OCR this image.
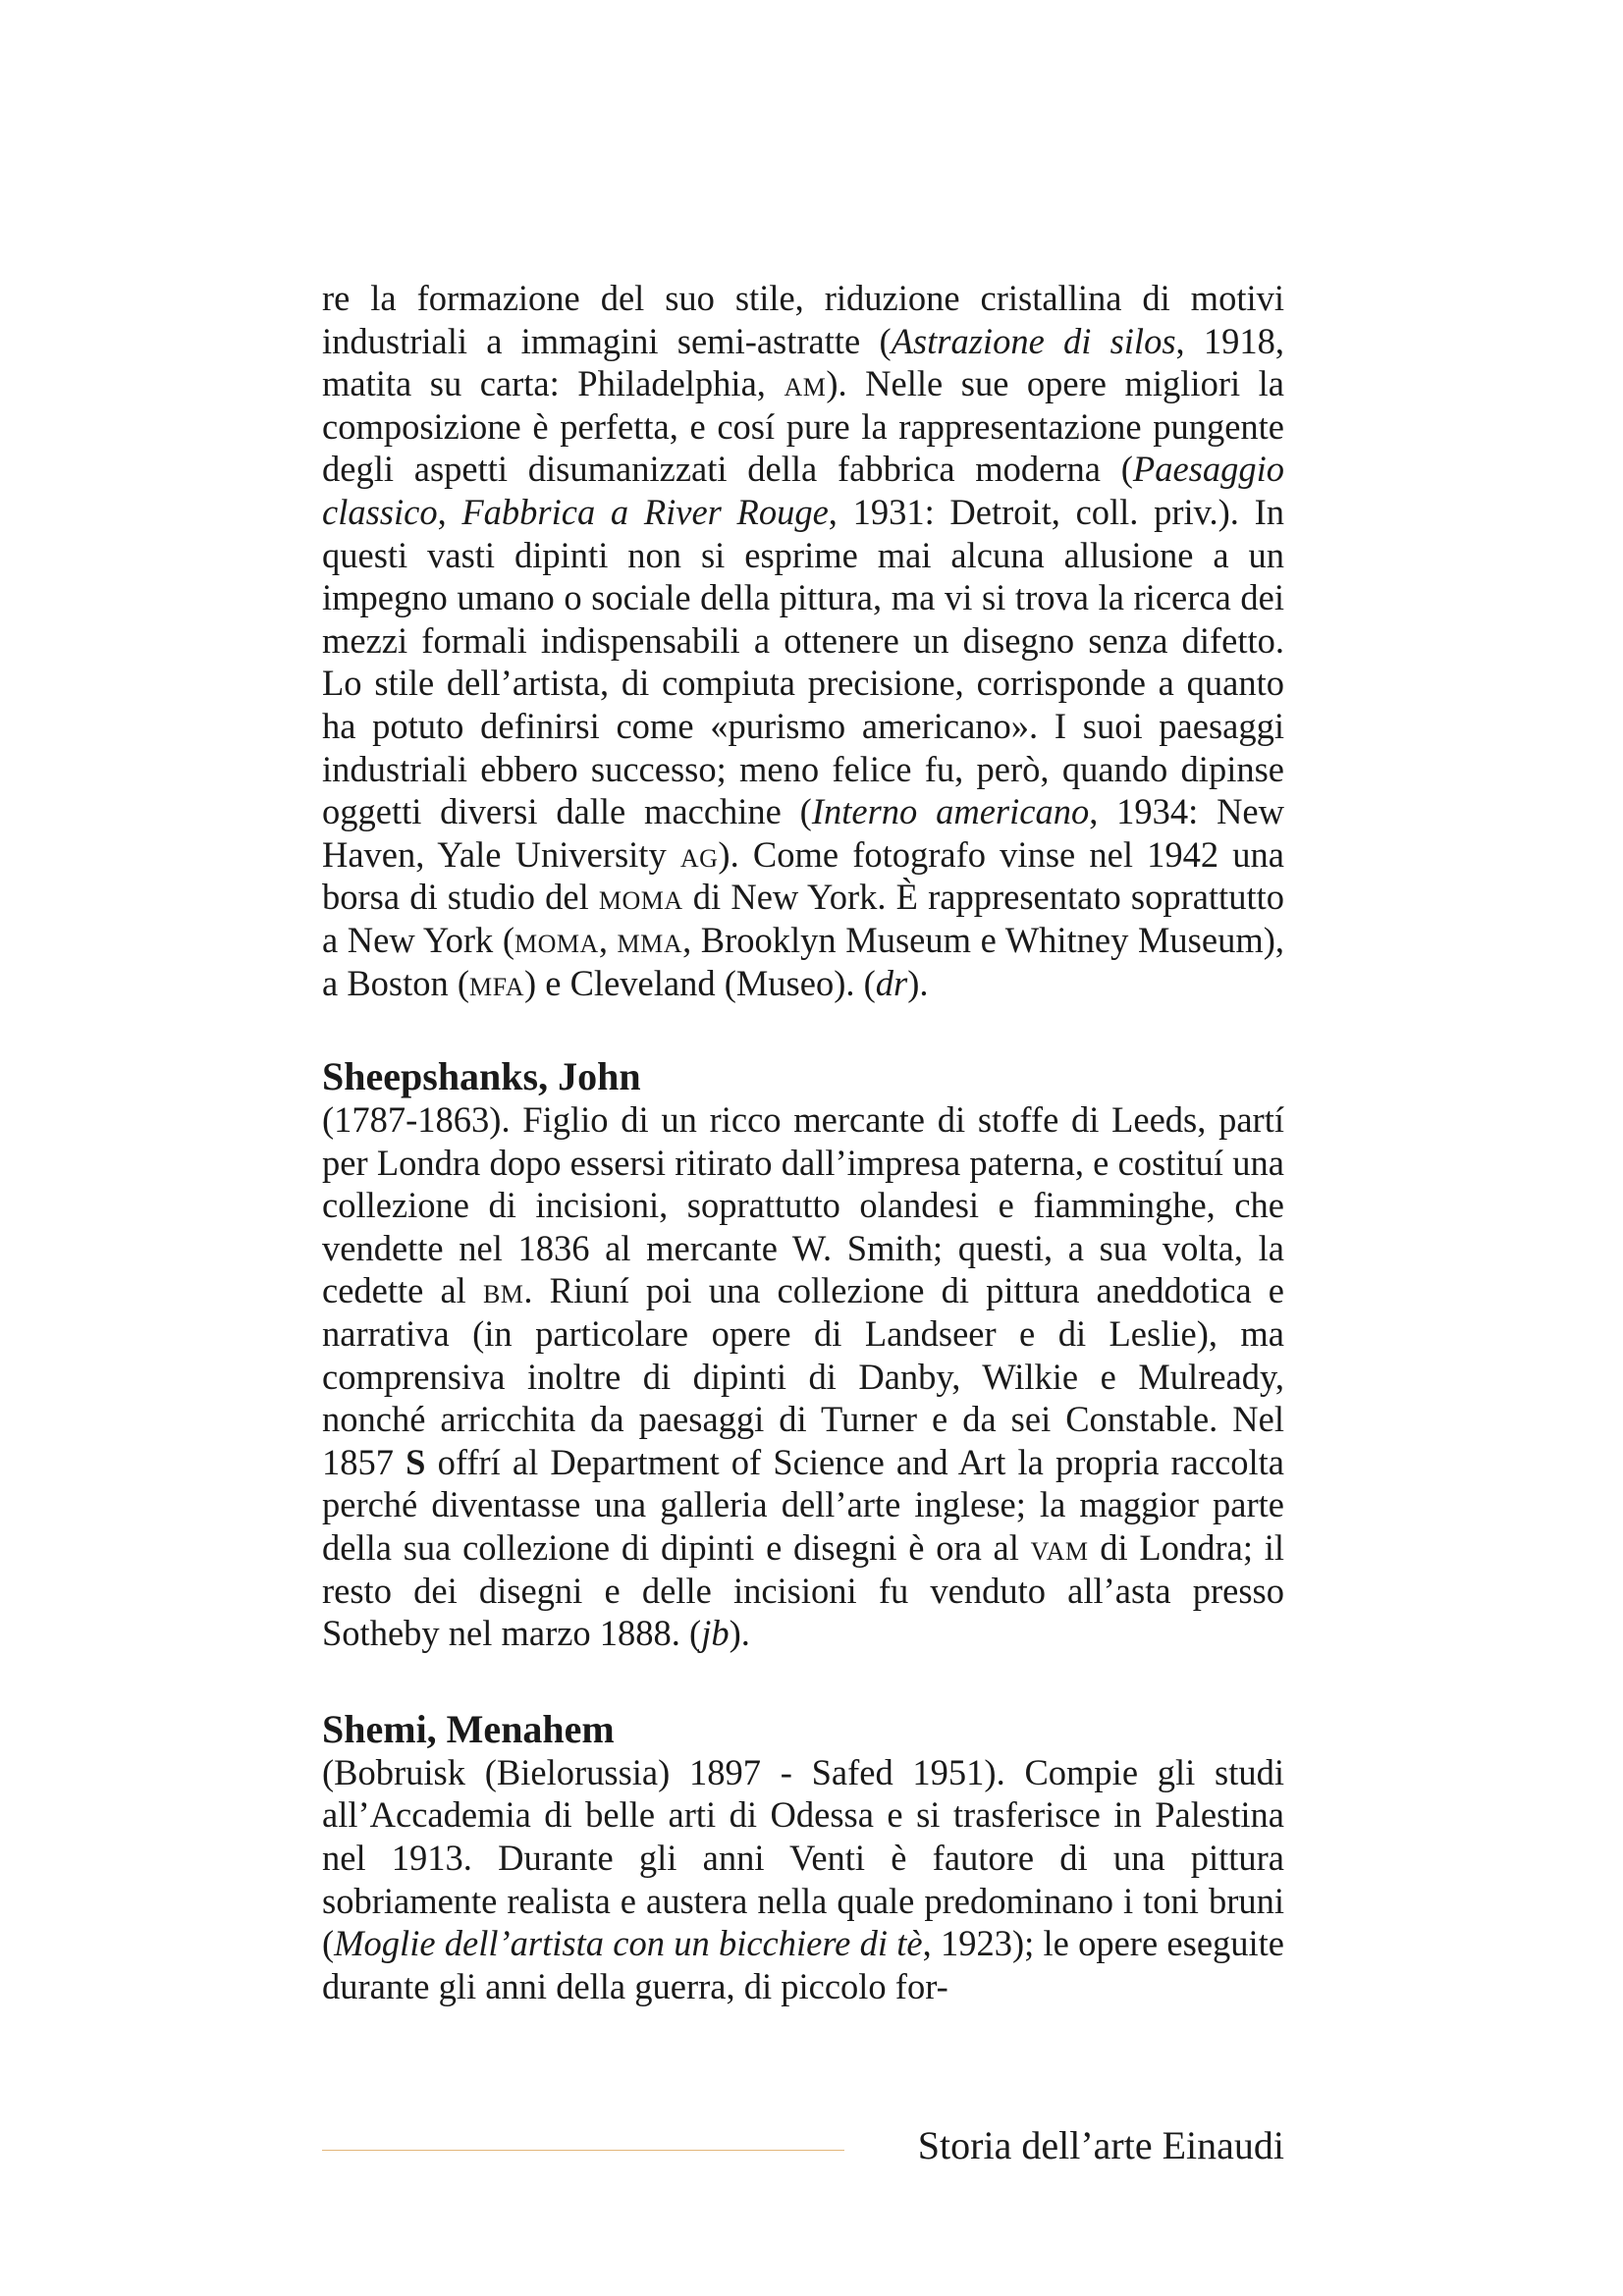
re la formazione del suo stile, riduzione cristallina di motivi industriali a immagini semi-astratte (Astrazione di silos, 1918, matita su carta: Philadelphia, am). Nelle sue opere migliori la composizione è perfetta, e cosí pure la rappresentazione pungente degli aspetti disumanizzati della fabbrica moderna (Paesaggio classico, Fabbrica a River Rouge, 1931: Detroit, coll. priv.). In questi vasti dipinti non si esprime mai alcuna allusione a un impegno umano o sociale della pittura, ma vi si trova la ricerca dei mezzi formali indispensabili a ottenere un disegno senza difetto. Lo stile dell’artista, di compiuta precisione, corrisponde a quanto ha potuto definirsi come «purismo americano». I suoi paesaggi industriali ebbero successo; meno felice fu, però, quando dipinse oggetti diversi dalle macchine (Interno americano, 1934: New Haven, Yale University ag). Come fotografo vinse nel 1942 una borsa di studio del moma di New York. È rappresentato soprattutto a New York (moma, mma, Brooklyn Museum e Whitney Museum), a Boston (mfa) e Cleveland (Museo). (dr).

Sheepshanks, John

(1787-1863). Figlio di un ricco mercante di stoffe di Leeds, partí per Londra dopo essersi ritirato dall’impresa paterna, e costituí una collezione di incisioni, soprattutto olandesi e fiamminghe, che vendette nel 1836 al mercante W. Smith; questi, a sua volta, la cedette al bm. Riuní poi una collezione di pittura aneddotica e narrativa (in particolare opere di Landseer e di Leslie), ma comprensiva inoltre di dipinti di Danby, Wilkie e Mulready, nonché arricchita da paesaggi di Turner e da sei Constable. Nel 1857 S offrí al Department of Science and Art la propria raccolta perché diventasse una galleria dell’arte inglese; la maggior parte della sua collezione di dipinti e disegni è ora al vam di Londra; il resto dei disegni e delle incisioni fu venduto all’asta presso Sotheby nel marzo 1888. (jb).

Shemi, Menahem

(Bobruisk (Bielorussia) 1897 - Safed 1951). Compie gli studi all’Accademia di belle arti di Odessa e si trasferisce in Palestina nel 1913. Durante gli anni Venti è fautore di una pittura sobriamente realista e austera nella quale predominano i toni bruni (Moglie dell’artista con un bicchiere di tè, 1923); le opere eseguite durante gli anni della guerra, di piccolo for-

Storia dell’arte Einaudi
